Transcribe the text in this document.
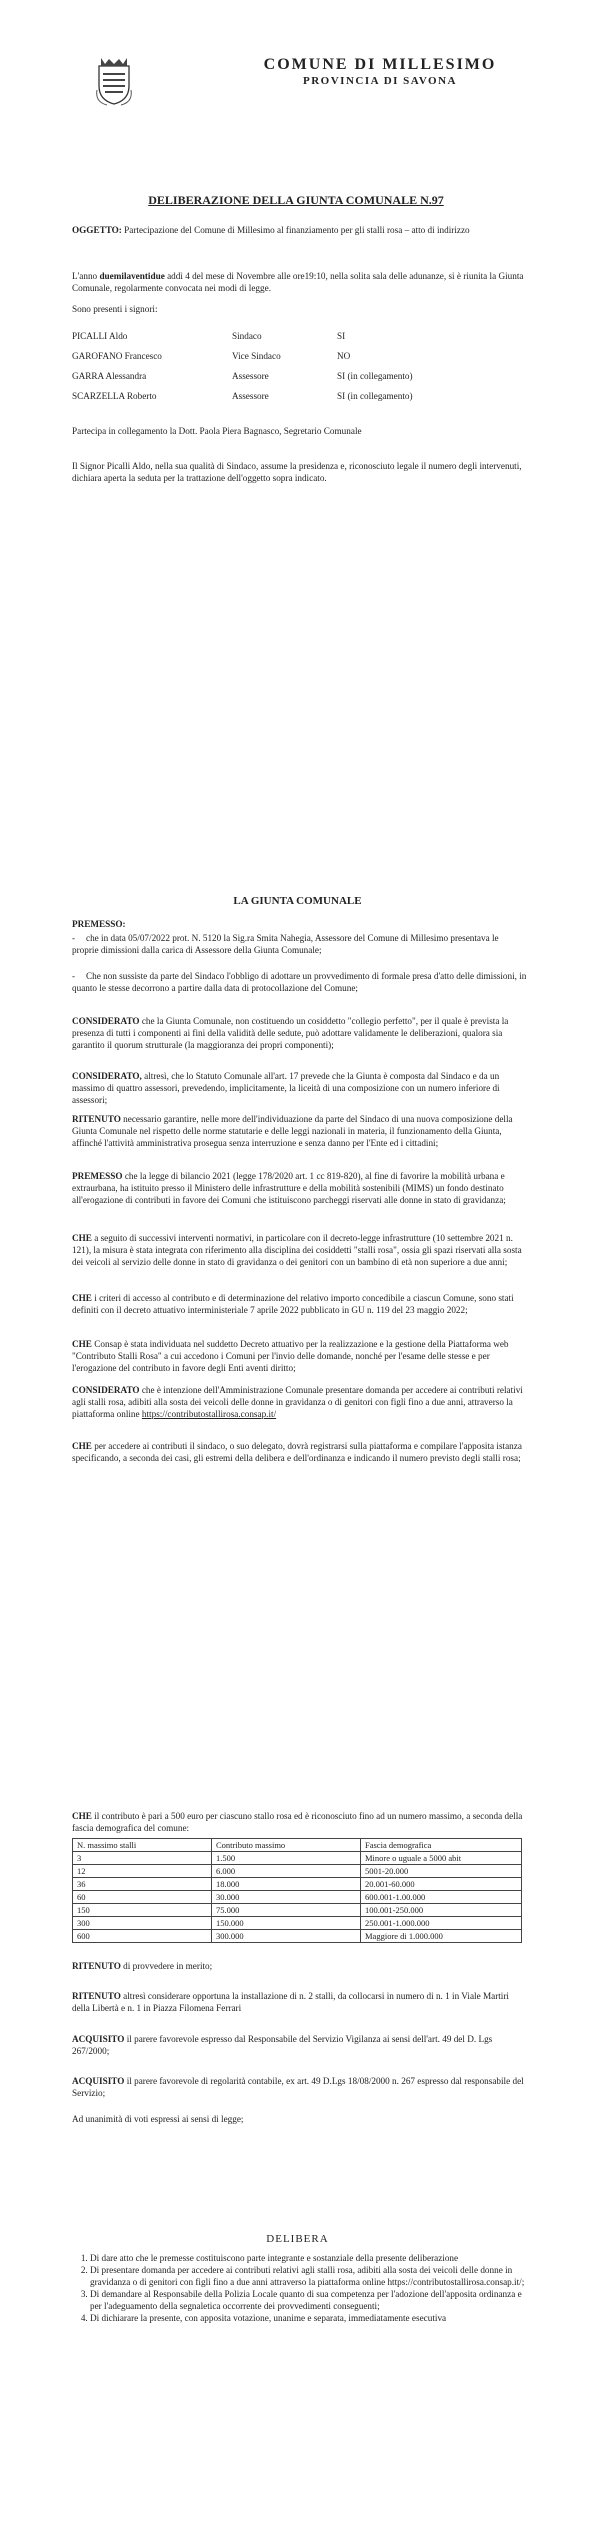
COMUNE DI MILLESIMO
PROVINCIA DI SAVONA
DELIBERAZIONE DELLA GIUNTA COMUNALE N.97
OGGETTO: Partecipazione del Comune di Millesimo al finanziamento per gli stalli rosa – atto di indirizzo
L'anno duemilaventidue addì 4 del mese di Novembre alle ore19:10, nella solita sala delle adunanze, si è riunita la Giunta Comunale, regolarmente convocata nei modi di legge.
Sono presenti i signori:
PICALLI Aldo	Sindaco	SI
GAROFANO Francesco	Vice Sindaco	NO
GARRA Alessandra	Assessore	SI (in collegamento)
SCARZELLA Roberto	Assessore	SI (in collegamento)
Partecipa in collegamento la Dott. Paola Piera Bagnasco, Segretario Comunale
Il Signor Picalli Aldo, nella sua qualità di Sindaco, assume la presidenza e, riconosciuto legale il numero degli intervenuti, dichiara aperta la seduta per la trattazione dell'oggetto sopra indicato.
LA GIUNTA COMUNALE
PREMESSO:
- che in data 05/07/2022 prot. N. 5120 la Sig.ra Smita Nahegia, Assessore del Comune di Millesimo presentava le proprie dimissioni dalla carica di Assessore della Giunta Comunale;
- Che non sussiste da parte del Sindaco l'obbligo di adottare un provvedimento di formale presa d'atto delle dimissioni, in quanto le stesse decorrono a partire dalla data di protocollazione del Comune;
CONSIDERATO che la Giunta Comunale, non costituendo un cosiddetto "collegio perfetto", per il quale è prevista la presenza di tutti i componenti ai fini della validità delle sedute, può adottare validamente le deliberazioni, qualora sia garantito il quorum strutturale (la maggioranza dei propri componenti);
CONSIDERATO, altresì, che lo Statuto Comunale all'art. 17 prevede che la Giunta è composta dal Sindaco e da un massimo di quattro assessori, prevedendo, implicitamente, la liceità di una composizione con un numero inferiore di assessori;
RITENUTO necessario garantire, nelle more dell'individuazione da parte del Sindaco di una nuova composizione della Giunta Comunale nel rispetto delle norme statutarie e delle leggi nazionali in materia, il funzionamento della Giunta, affinché l'attività amministrativa prosegua senza interruzione e senza danno per l'Ente ed i cittadini;
PREMESSO che la legge di bilancio 2021 (legge 178/2020 art. 1 cc 819-820), al fine di favorire la mobilità urbana e extraurbana, ha istituito presso il Ministero delle infrastrutture e della mobilità sostenibili (MIMS) un fondo destinato all'erogazione di contributi in favore dei Comuni che istituiscono parcheggi riservati alle donne in stato di gravidanza;
CHE a seguito di successivi interventi normativi, in particolare con il decreto-legge infrastrutture (10 settembre 2021 n. 121), la misura è stata integrata con riferimento alla disciplina dei cosiddetti "stalli rosa", ossia gli spazi riservati alla sosta dei veicoli al servizio delle donne in stato di gravidanza o dei genitori con un bambino di età non superiore a due anni;
CHE i criteri di accesso al contributo e di determinazione del relativo importo concedibile a ciascun Comune, sono stati definiti con il decreto attuativo interministeriale 7 aprile 2022 pubblicato in GU n. 119 del 23 maggio 2022;
CHE Consap è stata individuata nel suddetto Decreto attuativo per la realizzazione e la gestione della Piattaforma web "Contributo Stalli Rosa" a cui accedono i Comuni per l'invio delle domande, nonché per l'esame delle stesse e per l'erogazione del contributo in favore degli Enti aventi diritto;
CONSIDERATO che è intenzione dell'Amministrazione Comunale presentare domanda per accedere ai contributi relativi agli stalli rosa, adibiti alla sosta dei veicoli delle donne in gravidanza o di genitori con figli fino a due anni, attraverso la piattaforma online https://contributostallirosa.consap.it/
CHE per accedere ai contributi il sindaco, o suo delegato, dovrà registrarsi sulla piattaforma e compilare l'apposita istanza specificando, a seconda dei casi, gli estremi della delibera e dell'ordinanza e indicando il numero previsto degli stalli rosa;
CHE il contributo è pari a 500 euro per ciascuno stallo rosa ed è riconosciuto fino ad un numero massimo, a seconda della fascia demografica del comune:
N. massimo stalli	Contributo massimo	Fascia demografica
3	1.500	Minore o uguale a 5000 abit
12	6.000	5001-20.000
36	18.000	20.001-60.000
60	30.000	600.001-1.00.000
150	75.000	100.001-250.000
300	150.000	250.001-1.000.000
600	300.000	Maggiore di 1.000.000
RITENUTO di provvedere in merito;
RITENUTO altresì considerare opportuna la installazione di n. 2 stalli, da collocarsi in numero di n. 1 in Viale Martiri della Libertà e n. 1 in Piazza Filomena Ferrari
ACQUISITO il parere favorevole espresso dal Responsabile del Servizio Vigilanza ai sensi dell'art. 49 del D. Lgs 267/2000;
ACQUISITO il parere favorevole di regolarità contabile, ex art. 49 D.Lgs 18/08/2000 n. 267 espresso dal responsabile del Servizio;
Ad unanimità di voti espressi ai sensi di legge;
DELIBERA
1. Di dare atto che le premesse costituiscono parte integrante e sostanziale della presente deliberazione
2. Di presentare domanda per accedere ai contributi relativi agli stalli rosa, adibiti alla sosta dei veicoli delle donne in gravidanza o di genitori con figli fino a due anni attraverso la piattaforma online https://contributostallirosa.consap.it/;
3. Di demandare al Responsabile della Polizia Locale quanto di sua competenza per l'adozione dell'apposita ordinanza e per l'adeguamento della segnaletica occorrente dei provvedimenti conseguenti;
4. Di dichiarare la presente, con apposita votazione, unanime e separata, immediatamente esecutiva
